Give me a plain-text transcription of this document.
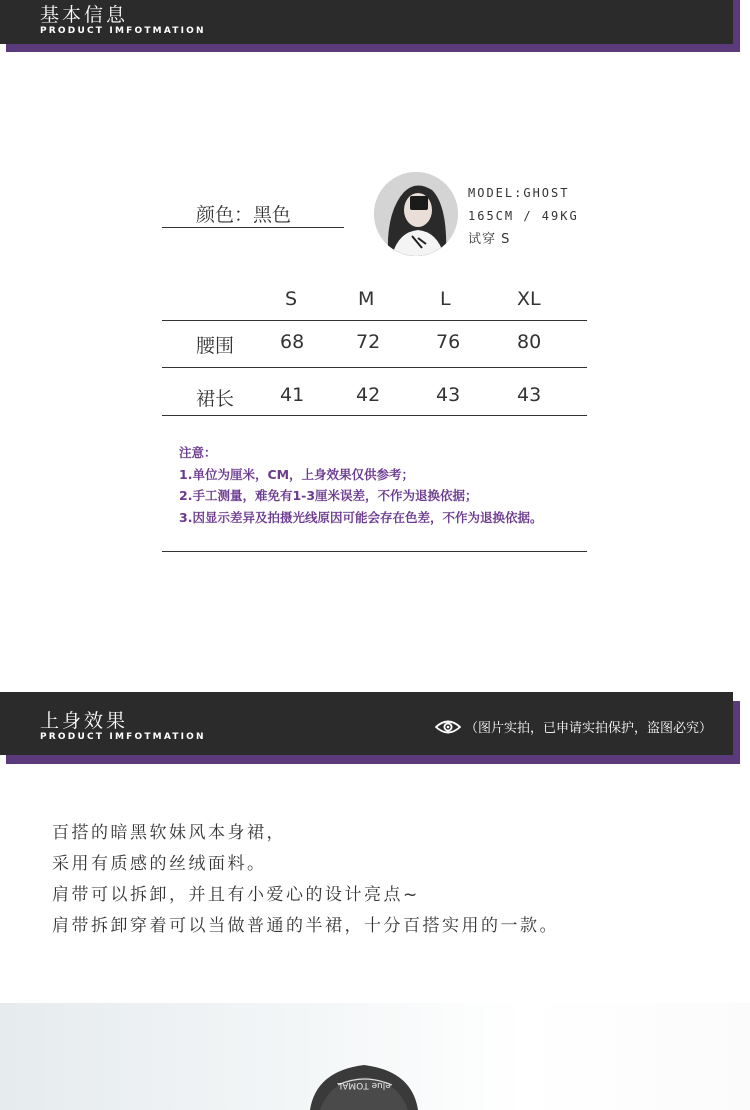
基本信息
PRODUCT IMFOTMATION
颜色：黑色
MODEL:GHOST
165CM / 49KG
试穿 S
S	M	L	XL
腰围 68	72	76	80
裙长 41	42	43	43
注意：
1.单位为厘米，CM，上身效果仅供参考；
2.手工测量，难免有1-3厘米误差，不作为退换依据；
3.因显示差异及拍摄光线原因可能会存在色差，不作为退换依据。
上身效果
PRODUCT IMFOTMATION
（图片实拍，已申请实拍保护，盗图必究）
百搭的暗黑软妹风本身裙，
采用有质感的丝绒面料。
肩带可以拆卸，并且有小爱心的设计亮点~
肩带拆卸穿着可以当做普通的半裙，十分百搭实用的一款。
elue TOMAL
